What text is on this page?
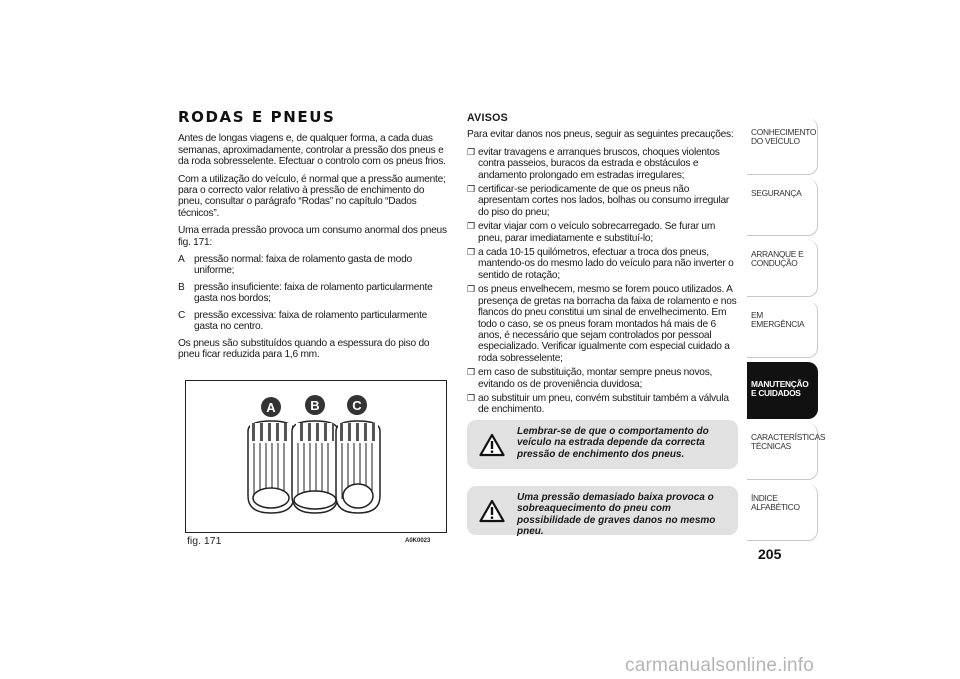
RODAS E PNEUS

Antes de longas viagens e, de qualquer forma, a cada duas semanas, aproximadamente, controlar a pressão dos pneus e da roda sobresselente. Efectuar o controlo com os pneus frios.

Com a utilização do veículo, é normal que a pressão aumente; para o correcto valor relativo à pressão de enchimento do pneu, consultar o parágrafo “Rodas” no capítulo “Dados técnicos”.

Uma errada pressão provoca um consumo anormal dos pneus fig. 171:

A pressão normal: faixa de rolamento gasta de modo uniforme;
B pressão insuficiente: faixa de rolamento particularmente gasta nos bordos;
C pressão excessiva: faixa de rolamento particularmente gasta no centro.

Os pneus são substituídos quando a espessura do piso do pneu ficar reduzida para 1,6 mm.

A	B	C
fig. 171	A0K0023
AVISOS

Para evitar danos nos pneus, seguir as seguintes precauções:

❒ evitar travagens e arranques bruscos, choques violentos contra passeios, buracos da estrada e obstáculos e andamento prolongado em estradas irregulares;
❒ certificar-se periodicamente de que os pneus não apresentam cortes nos lados, bolhas ou consumo irregular do piso do pneu;
❒ evitar viajar com o veículo sobrecarregado. Se furar um pneu, parar imediatamente e substituí-lo;
❒ a cada 10-15 quilómetros, efectuar a troca dos pneus, mantendo-os do mesmo lado do veículo para não inverter o sentido de rotação;
❒ os pneus envelhecem, mesmo se forem pouco utilizados. A presença de gretas na borracha da faixa de rolamento e nos flancos do pneu constitui um sinal de envelhecimento. Em todo o caso, se os pneus foram montados há mais de 6 anos, é necessário que sejam controlados por pessoal especializado. Verificar igualmente com especial cuidado a roda sobresselente;
❒ em caso de substituição, montar sempre pneus novos, evitando os de proveniência duvidosa;
❒ ao substituir um pneu, convém substituir também a válvula de enchimento.
Lembrar-se de que o comportamento do veículo na estrada depende da correcta pressão de enchimento dos pneus.
Uma pressão demasiado baixa provoca o sobreaquecimento do pneu com possibilidade de graves danos no mesmo pneu.
CONHECIMENTO DO VEÍCULO
SEGURANÇA
ARRANQUE E CONDUÇÃO
EM EMERGÊNCIA
MANUTENÇÃO E CUIDADOS
CARACTERÍSTICAS TÉCNICAS
ÍNDICE ALFABÉTICO
205
carmanualsonline.info
